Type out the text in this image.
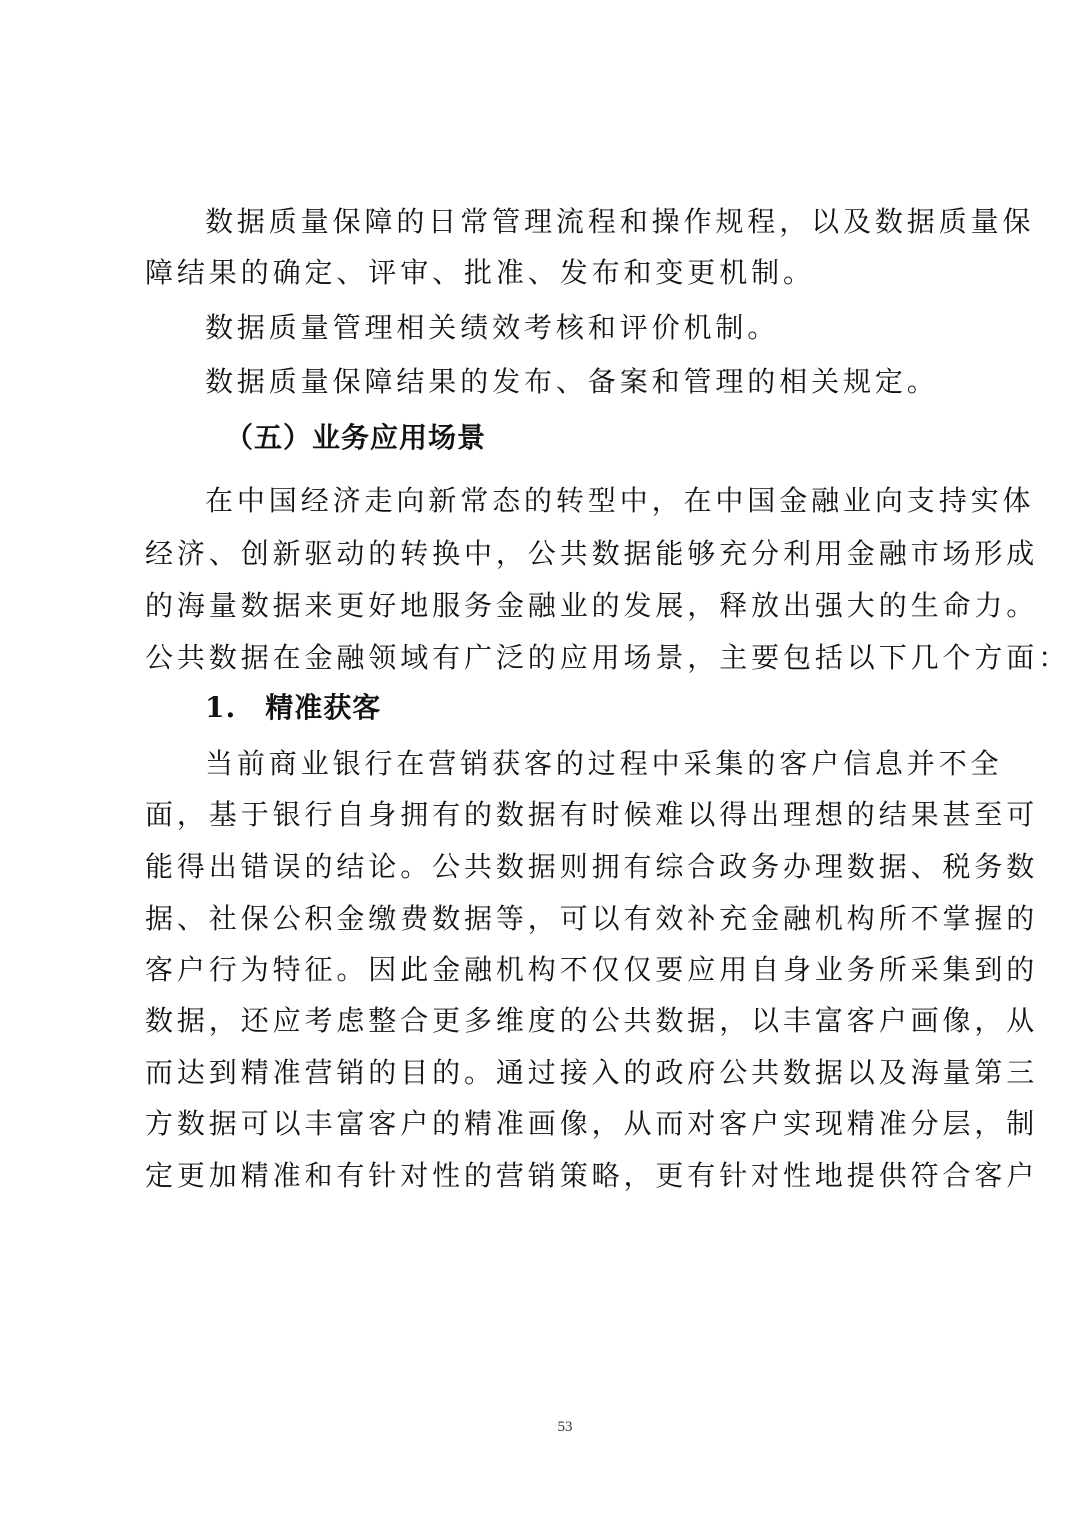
数据质量保障的日常管理流程和操作规程，以及数据质量保
障结果的确定、评审、批准、发布和变更机制。
数据质量管理相关绩效考核和评价机制。
数据质量保障结果的发布、备案和管理的相关规定。
（五）业务应用场景
在中国经济走向新常态的转型中，在中国金融业向支持实体
经济、创新驱动的转换中，公共数据能够充分利用金融市场形成
的海量数据来更好地服务金融业的发展，释放出强大的生命力。
公共数据在金融领域有广泛的应用场景，主要包括以下几个方面：
1.　精准获客
当前商业银行在营销获客的过程中采集的客户信息并不全
面，基于银行自身拥有的数据有时候难以得出理想的结果甚至可
能得出错误的结论。公共数据则拥有综合政务办理数据、税务数
据、社保公积金缴费数据等，可以有效补充金融机构所不掌握的
客户行为特征。因此金融机构不仅仅要应用自身业务所采集到的
数据，还应考虑整合更多维度的公共数据，以丰富客户画像，从
而达到精准营销的目的。通过接入的政府公共数据以及海量第三
方数据可以丰富客户的精准画像，从而对客户实现精准分层，制
定更加精准和有针对性的营销策略，更有针对性地提供符合客户
53
